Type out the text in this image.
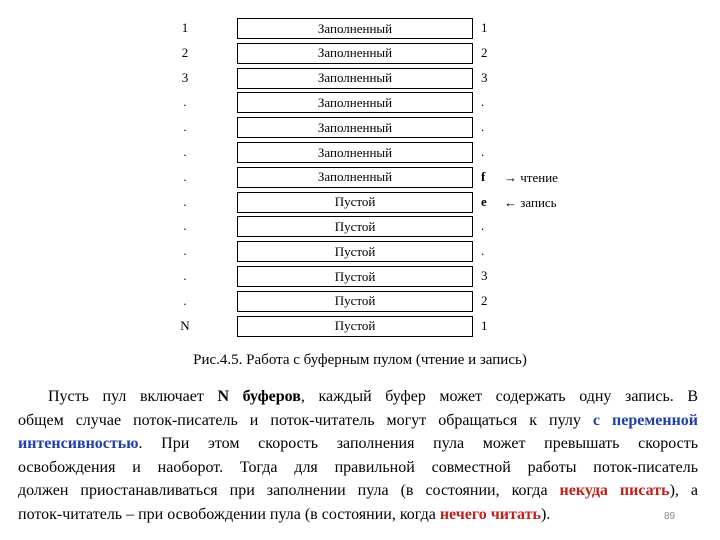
1	Заполненный	1
2	Заполненный	2
3	Заполненный	3
.	Заполненный	.
.	Заполненный	.
.	Заполненный	.
.	Заполненный	f
.	Пустой	e
.	Пустой	.
.	Пустой	.
.	Пустой	3
.	Пустой	2
N	Пустой	1
→ чтение
← запись
Рис.4.5. Работа с буферным пулом (чтение и запись)
Пусть пул включает N буферов, каждый буфер может содержать одну запись. В
общем случае поток-писатель и поток-читатель могут обращаться к пулу с переменной
интенсивностью. При этом скорость заполнения пула может превышать скорость
освобождения и наоборот. Тогда для правильной совместной работы поток-писатель
должен приостанавливаться при заполнении пула (в состоянии, когда некуда писать), а
поток-читатель – при освобождении пула (в состоянии, когда нечего читать).	89
